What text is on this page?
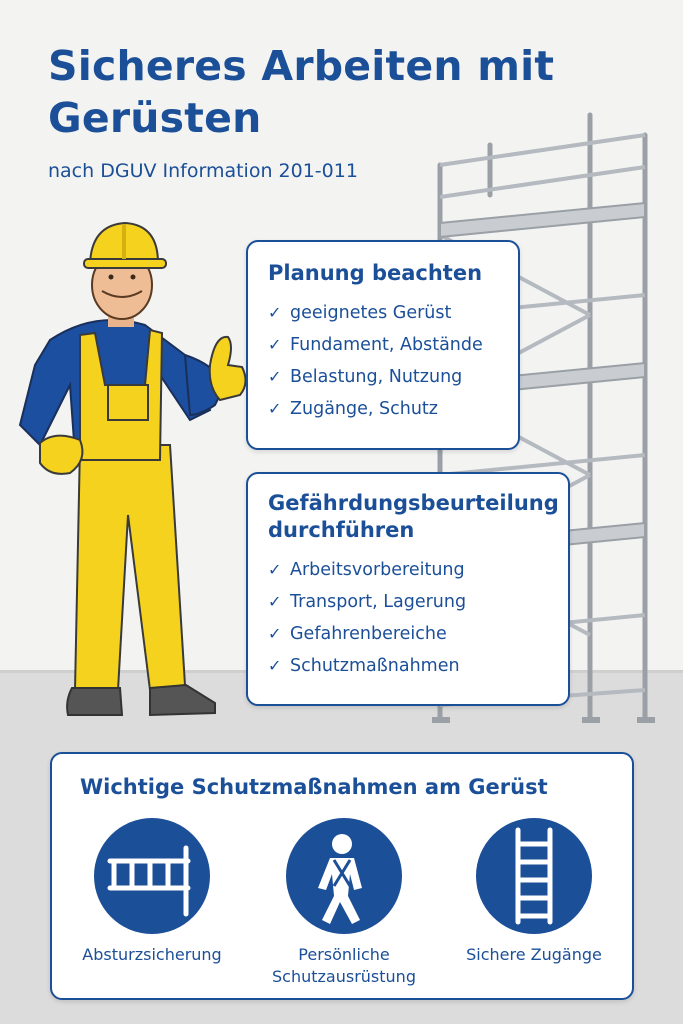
Sicheres Arbeiten mit Gerüsten
nach DGUV Information 201-011
Planung beachten
✓ geeignetes Gerüst
✓ Fundament, Abstände
✓ Belastung, Nutzung
✓ Zugänge, Schutz
Gefährdungsbeurteilung durchführen
✓ Arbeitsvorbereitung
✓ Transport, Lagerung
✓ Gefahrenbereiche
✓ Schutzmaßnahmen
Wichtige Schutzmaßnahmen am Gerüst
Absturzsicherung	Persönliche Schutzausrüstung
Sichere Zugänge
